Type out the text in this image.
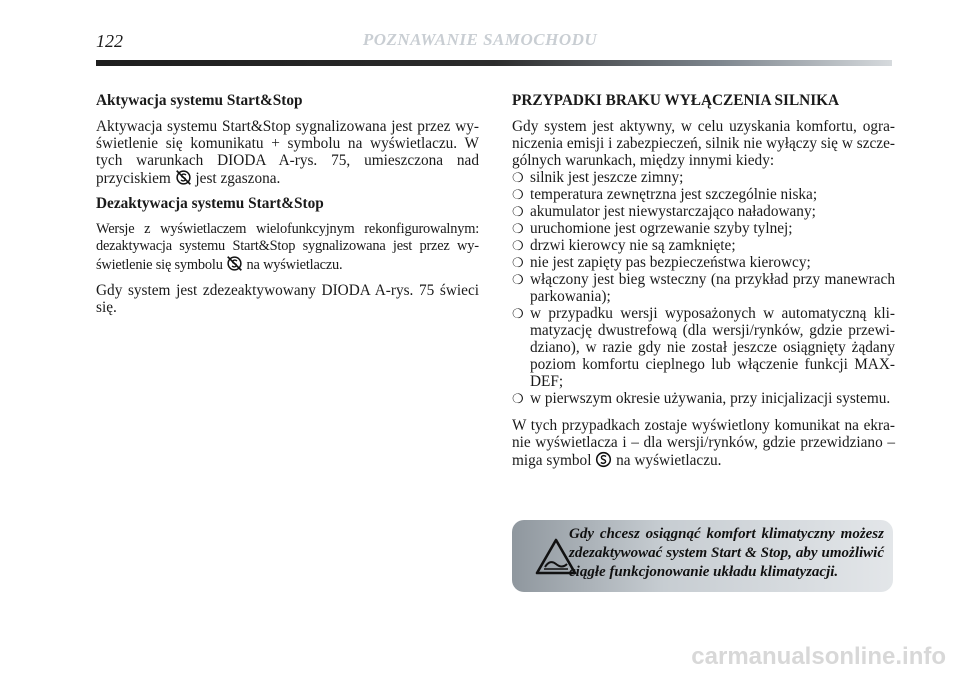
122	POZNAWANIE SAMOCHODU
Aktywacja systemu Start&Stop

Aktywacja systemu Start&Stop sygnalizowana jest przez wyświetlenie się komunikatu + symbolu na wyświetlaczu. W tych warunkach DIODA A-rys. 75, umieszczona nad przyciskiem jest zgaszona.

Dezaktywacja systemu Start&Stop

Wersje z wyświetlaczem wielofunkcyjnym rekonfigurowalnym: dezaktywacja systemu Start&Stop sygnalizowana jest przez wyświetlenie się symbolu na wyświetlaczu.

Gdy system jest zdezeaktywowany DIODA A-rys. 75 świeci się.

PRZYPADKI BRAKU WYŁĄCZENIA SILNIKA

Gdy system jest aktywny, w celu uzyskania komfortu, ograniczenia emisji i zabezpieczeń, silnik nie wyłączy się w szczególnych warunkach, między innymi kiedy:

❍ silnik jest jeszcze zimny;
❍ temperatura zewnętrzna jest szczególnie niska;
❍ akumulator jest niewystarczająco naładowany;
❍ uruchomione jest ogrzewanie szyby tylnej;
❍ drzwi kierowcy nie są zamknięte;
❍ nie jest zapięty pas bezpieczeństwa kierowcy;
❍ włączony jest bieg wsteczny (na przykład przy manewrach parkowania);
❍ w przypadku wersji wyposażonych w automatyczną klimatyzację dwustrefową (dla wersji/rynków, gdzie przewidziano), w razie gdy nie został jeszcze osiągnięty żądany poziom komfortu cieplnego lub włączenie funkcji MAX-DEF;
❍ w pierwszym okresie używania, przy inicjalizacji systemu.

W tych przypadkach zostaje wyświetlony komunikat na ekranie wyświetlacza i – dla wersji/rynków, gdzie przewidziano – miga symbol na wyświetlaczu.

Gdy chcesz osiągnąć komfort klimatyczny możesz zdezaktywować system Start & Stop, aby umożliwić ciągłe funkcjonowanie układu klimatyzacji.
carmanualsonline.info
